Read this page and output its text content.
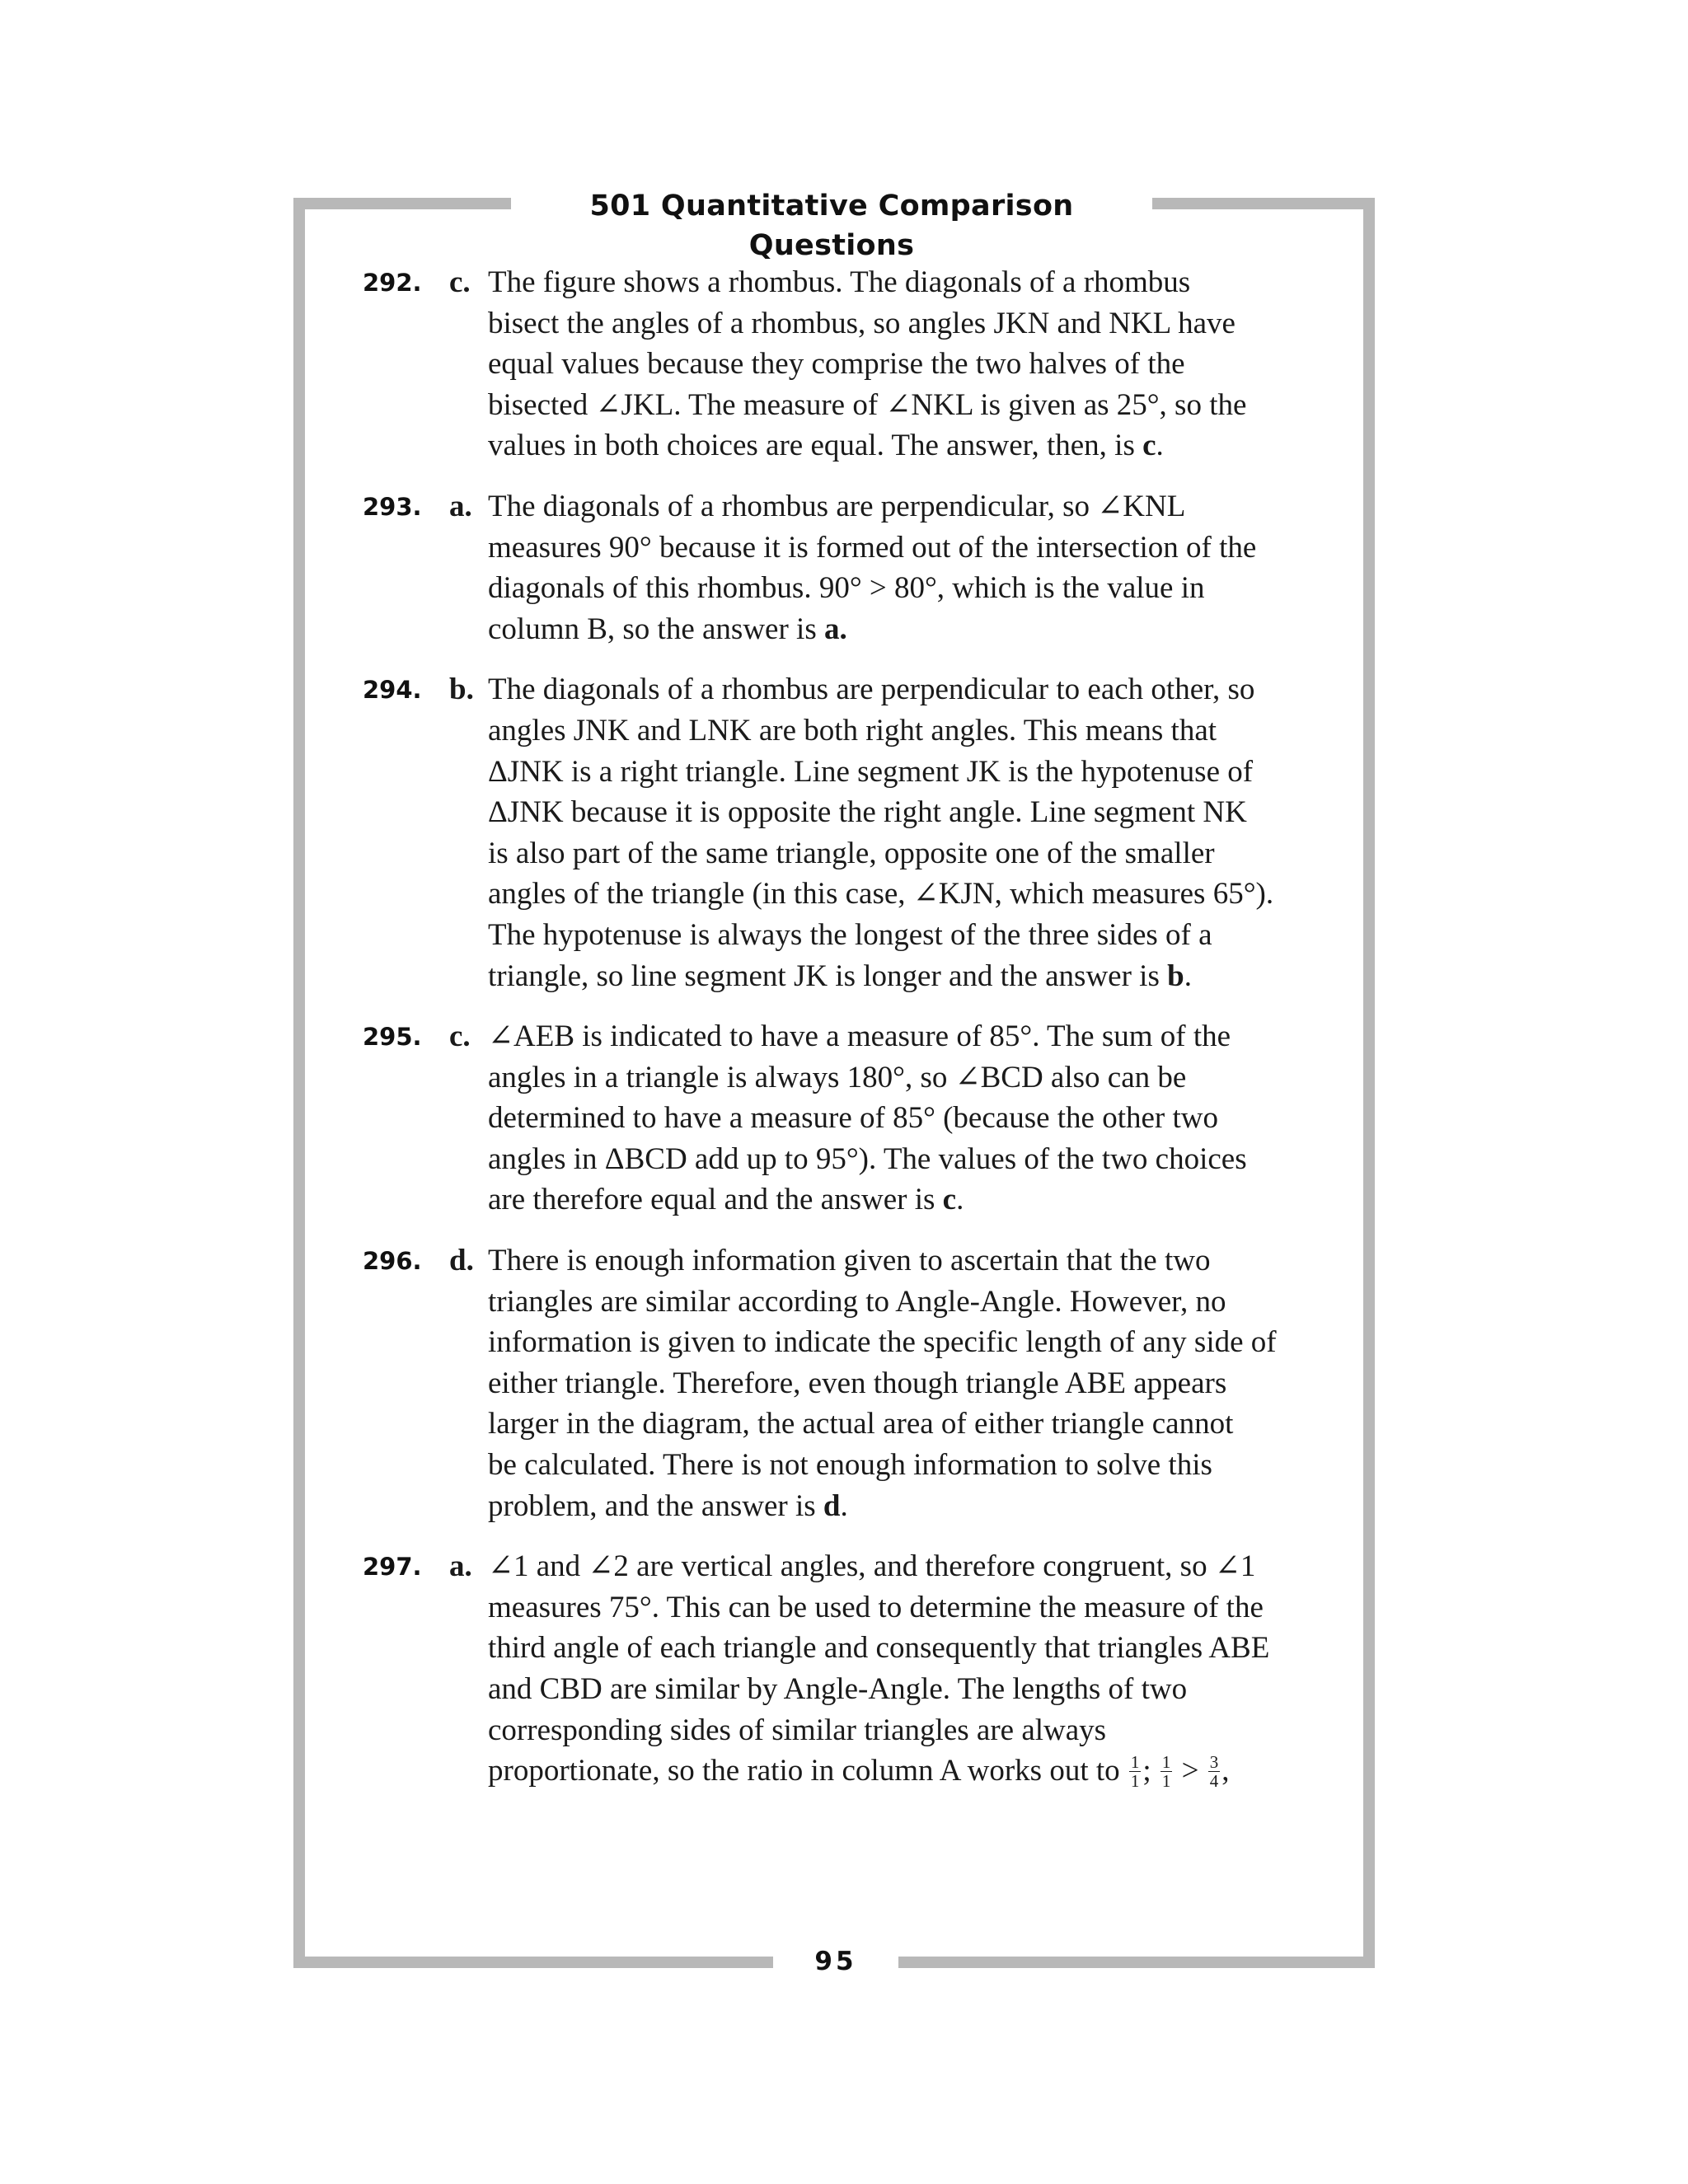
501 Quantitative Comparison Questions
292. c. The figure shows a rhombus. The diagonals of a rhombus
bisect the angles of a rhombus, so angles JKN and NKL have
equal values because they comprise the two halves of the
bisected ∠JKL. The measure of ∠NKL is given as 25°, so the
values in both choices are equal. The answer, then, is c.
293. a. The diagonals of a rhombus are perpendicular, so ∠KNL
measures 90° because it is formed out of the intersection of the
diagonals of this rhombus. 90° > 80°, which is the value in
column B, so the answer is a.
294. b. The diagonals of a rhombus are perpendicular to each other, so
angles JNK and LNK are both right angles. This means that
ΔJNK is a right triangle. Line segment JK is the hypotenuse of
ΔJNK because it is opposite the right angle. Line segment NK
is also part of the same triangle, opposite one of the smaller
angles of the triangle (in this case, ∠KJN, which measures 65°).
The hypotenuse is always the longest of the three sides of a
triangle, so line segment JK is longer and the answer is b.
295. c. ∠AEB is indicated to have a measure of 85°. The sum of the
angles in a triangle is always 180°, so ∠BCD also can be
determined to have a measure of 85° (because the other two
angles in ΔBCD add up to 95°). The values of the two choices
are therefore equal and the answer is c.
296. d. There is enough information given to ascertain that the two
triangles are similar according to Angle-Angle. However, no
information is given to indicate the specific length of any side of
either triangle. Therefore, even though triangle ABE appears
larger in the diagram, the actual area of either triangle cannot
be calculated. There is not enough information to solve this
problem, and the answer is d.
297. a. ∠1 and ∠2 are vertical angles, and therefore congruent, so ∠1
measures 75°. This can be used to determine the measure of the
third angle of each triangle and consequently that triangles ABE
and CBD are similar by Angle-Angle. The lengths of two
corresponding sides of similar triangles are always
proportionate, so the ratio in column A works out to $\frac{1}{1}$ ; $\frac{1}{1} > \frac{3}{4}$ ,
95
